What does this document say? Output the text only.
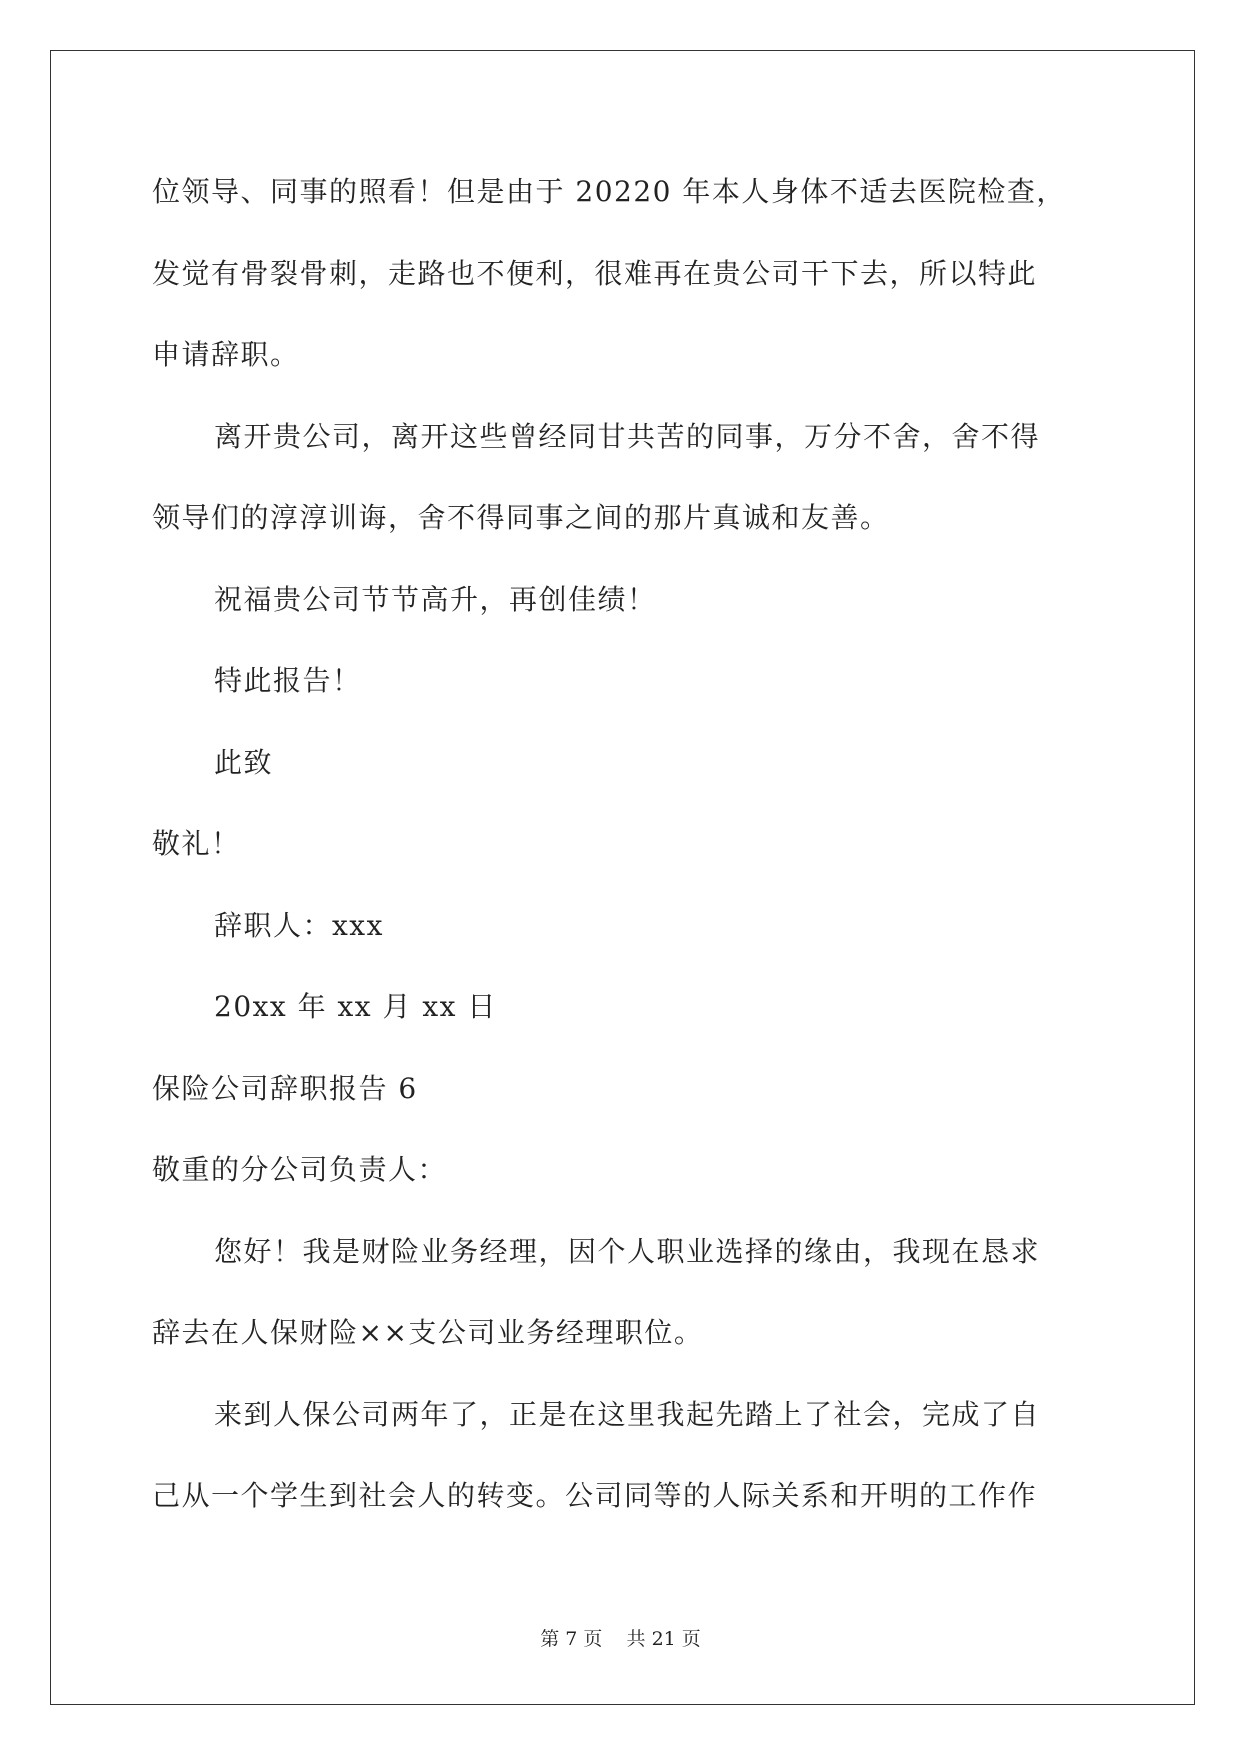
位领导、同事的照看！但是由于 20220 年本人身体不适去医院检查，
发觉有骨裂骨刺，走路也不便利，很难再在贵公司干下去，所以特此
申请辞职。
离开贵公司，离开这些曾经同甘共苦的同事，万分不舍，舍不得
领导们的淳淳训诲，舍不得同事之间的那片真诚和友善。
祝福贵公司节节高升，再创佳绩！
特此报告！
此致
敬礼！
辞职人：xxx
20xx 年 xx 月 xx 日
保险公司辞职报告 6
敬重的分公司负责人：
您好！我是财险业务经理，因个人职业选择的缘由，我现在恳求
辞去在人保财险××支公司业务经理职位。
来到人保公司两年了，正是在这里我起先踏上了社会，完成了自
己从一个学生到社会人的转变。公司同等的人际关系和开明的工作作
第 7 页 共 21 页
